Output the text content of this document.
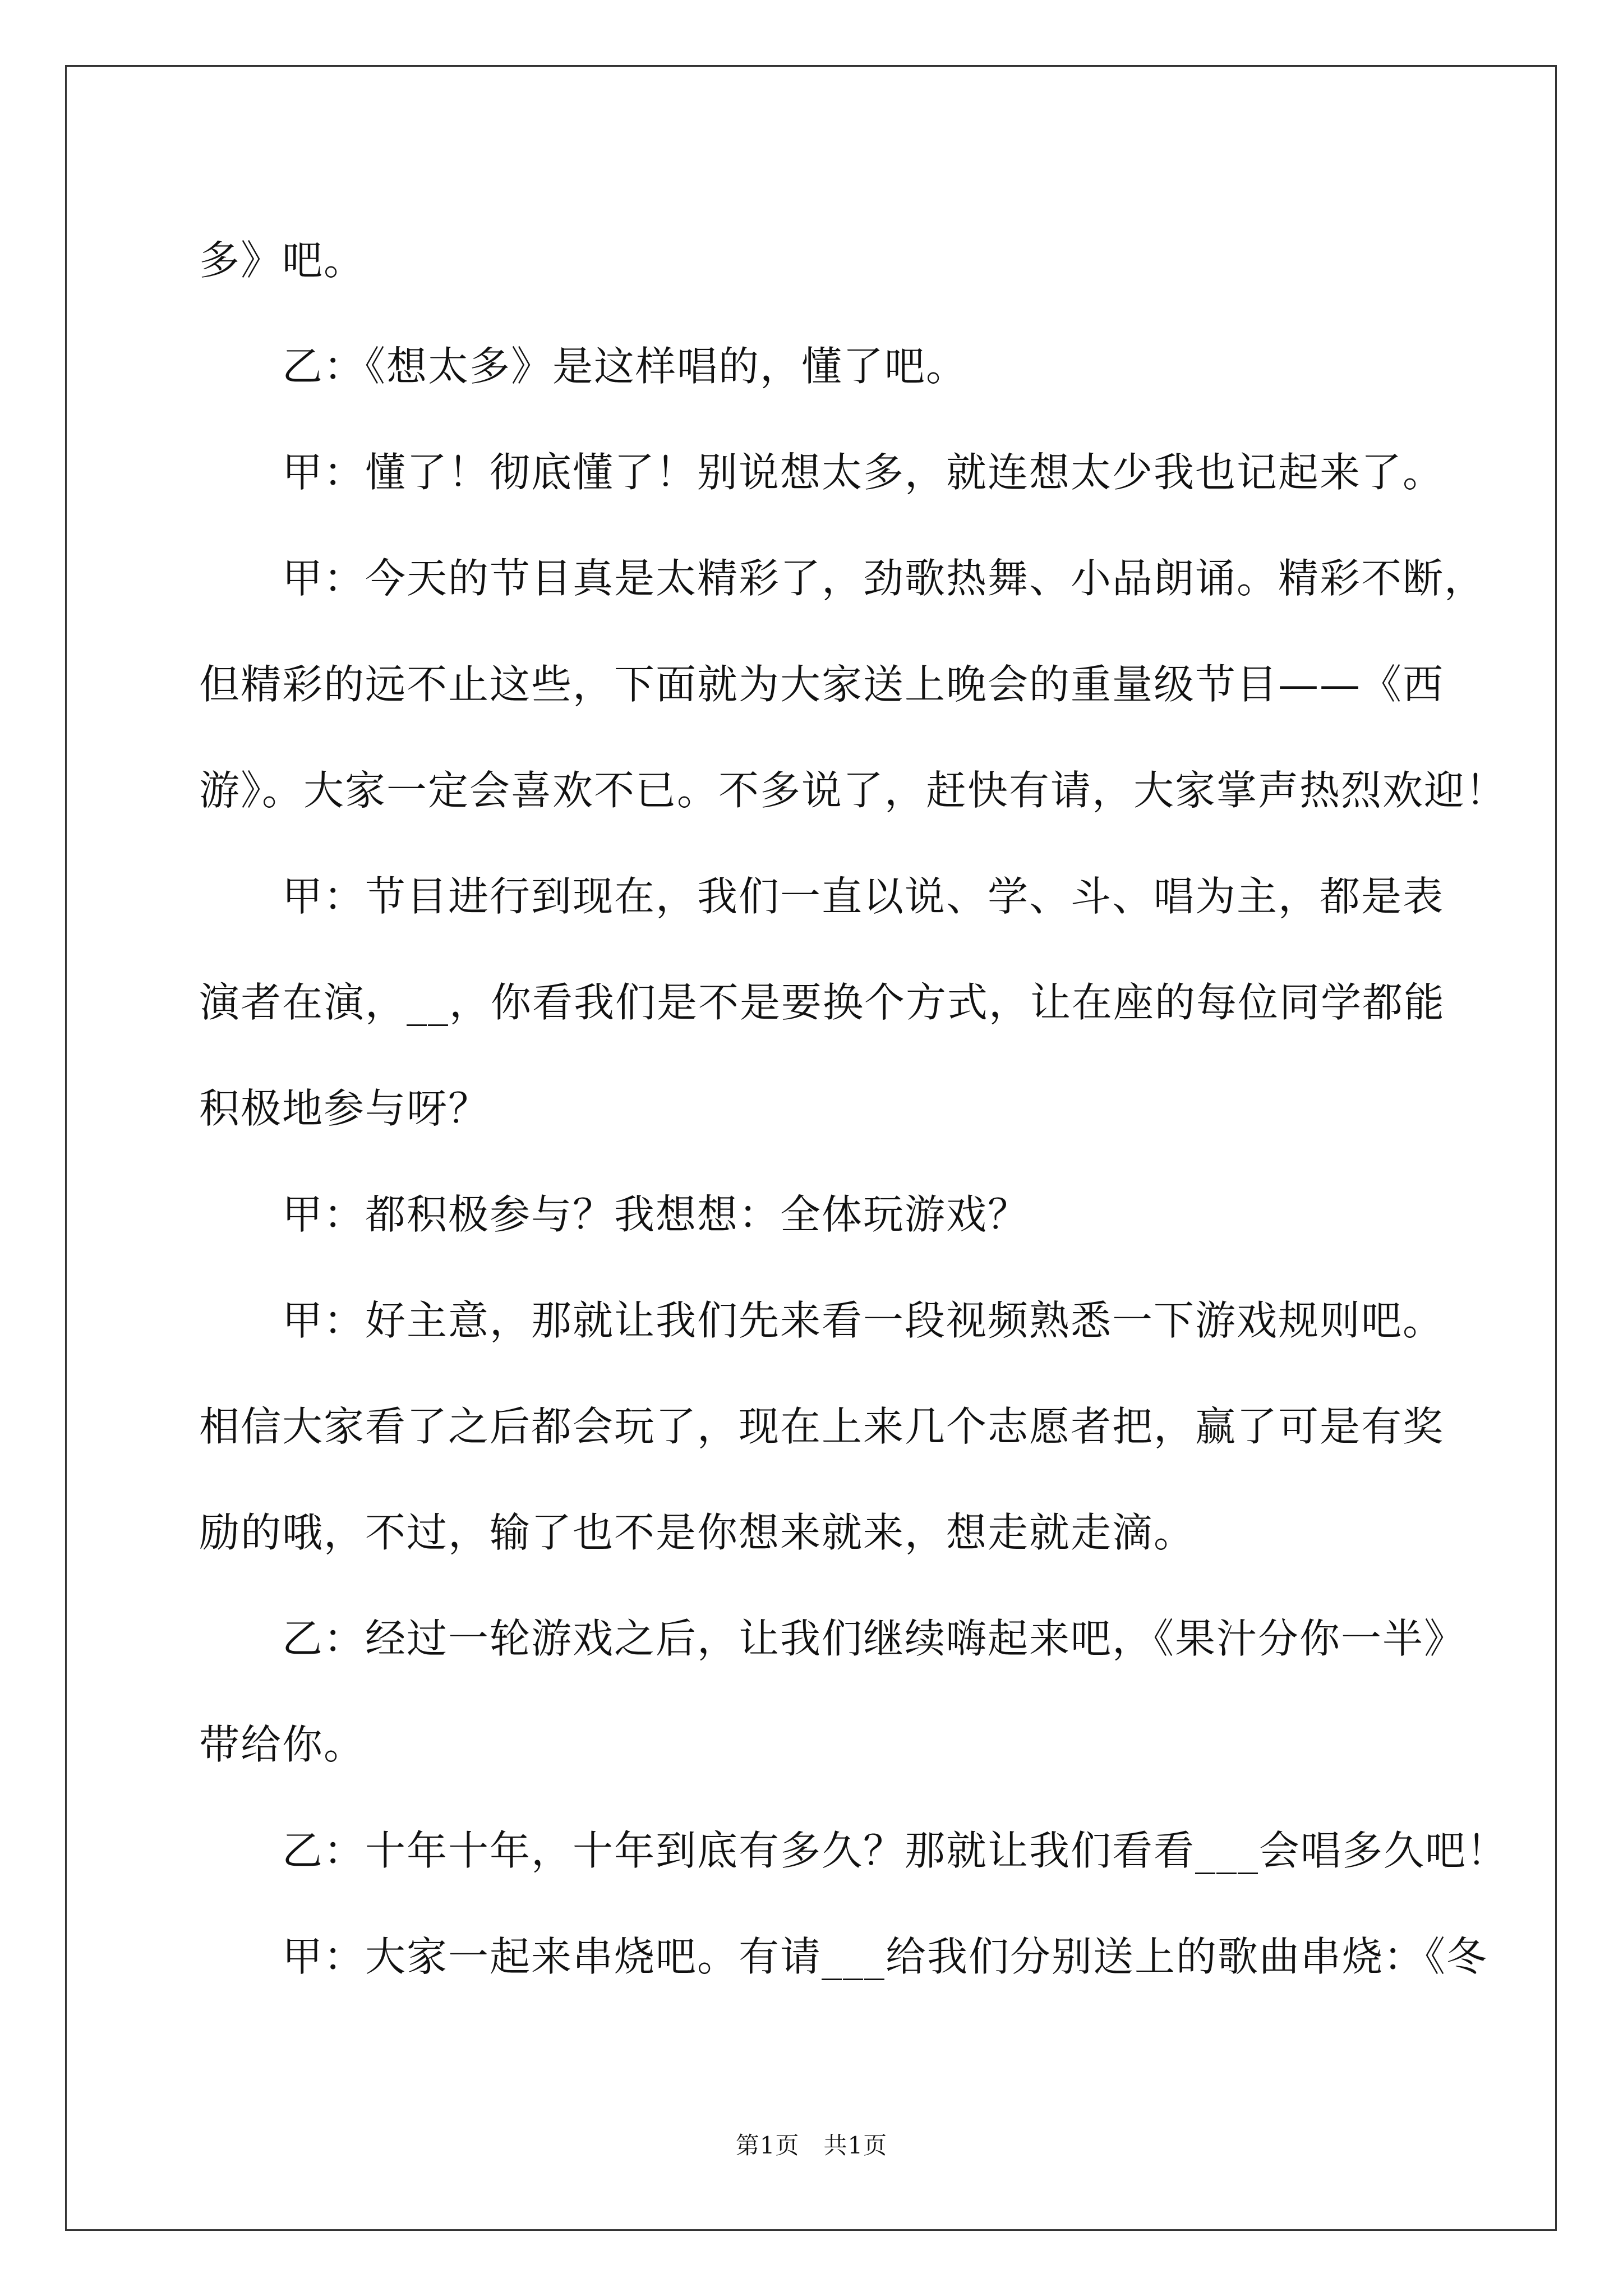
多》吧。
乙：《想太多》是这样唱的，懂了吧。
甲：懂了！彻底懂了！别说想太多，就连想太少我也记起来了。
甲：今天的节目真是太精彩了，劲歌热舞、小品朗诵。精彩不断，
但精彩的远不止这些，下面就为大家送上晚会的重量级节目——《西
游》。大家一定会喜欢不已。不多说了，赶快有请，大家掌声热烈欢迎！
甲：节目进行到现在，我们一直以说、学、斗、唱为主，都是表
演者在演，__，你看我们是不是要换个方式，让在座的每位同学都能
积极地参与呀？
甲：都积极参与？我想想：全体玩游戏？
甲：好主意，那就让我们先来看一段视频熟悉一下游戏规则吧。
相信大家看了之后都会玩了，现在上来几个志愿者把，赢了可是有奖
励的哦，不过，输了也不是你想来就来，想走就走滴。
乙：经过一轮游戏之后，让我们继续嗨起来吧，《果汁分你一半》
带给你。
乙：十年十年，十年到底有多久？那就让我们看看___会唱多久吧！
甲：大家一起来串烧吧。有请___给我们分别送上的歌曲串烧：《冬
第1页　共1页
